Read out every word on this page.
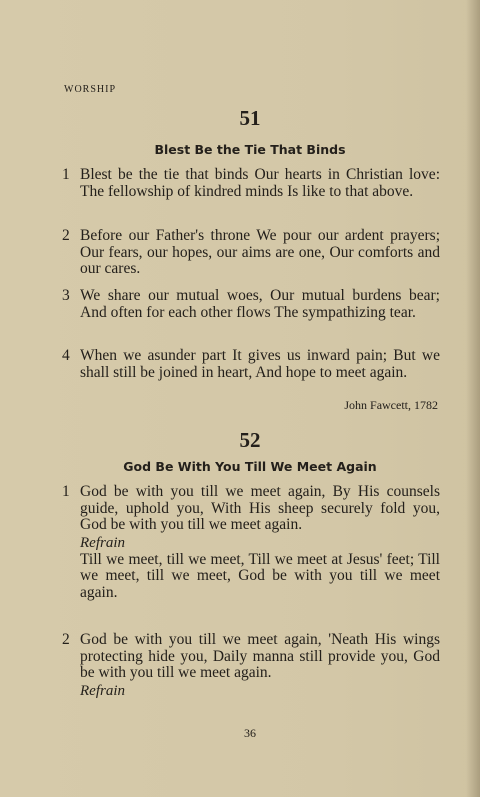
WORSHIP
51
Blest Be the Tie That Binds
1 Blest be the tie that binds Our hearts in Christian love: The fellowship of kindred minds Is like to that above.
2 Before our Father's throne We pour our ardent prayers; Our fears, our hopes, our aims are one, Our comforts and our cares.
3 We share our mutual woes, Our mutual burdens bear; And often for each other flows The sympathizing tear.
4 When we asunder part It gives us inward pain; But we shall still be joined in heart, And hope to meet again.
John Fawcett, 1782
52
God Be With You Till We Meet Again
1 God be with you till we meet again, By His counsels guide, uphold you, With His sheep securely fold you, God be with you till we meet again.
Refrain
Till we meet, till we meet, Till we meet at Jesus' feet; Till we meet, till we meet, God be with you till we meet again.
2 God be with you till we meet again, 'Neath His wings protecting hide you, Daily manna still provide you, God be with you till we meet again.
Refrain
36
